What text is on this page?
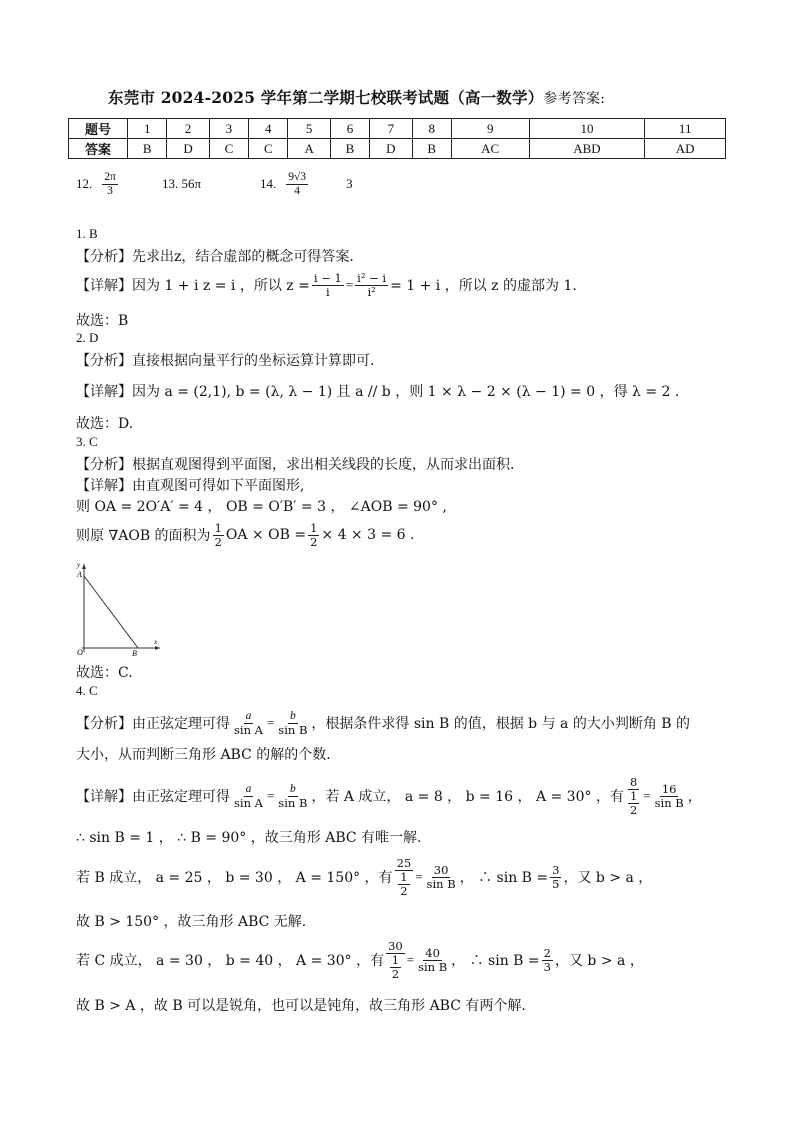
东莞市 2024-2025 学年第二学期七校联考试题（高一数学）参考答案:
题号	1	2	3	4	5	6	7	8	9	10	11
答案	B	D	C	C	A	B	D	B	AC	ABD	AD
12. $\frac{2\pi}{3}$	13. 56π	14. $\frac{9√3}{4}$	3
1. B
【分析】先求出z，结合虚部的概念可得答案.
【详解】 因为 1 + i z = i ，所以 $z = \frac{i - 1}{i} = \frac{\text{i² − i}}{\text{i²}} = 1 + i$ ，所以 z 的虚部为 1.
故选：B
2. D
【分析】直接根据向量平行的坐标运算计算即可.
【详解】因为 a = (2,1), b = (λ, λ − 1) 且 a // b ，则 1 × λ − 2 × (λ − 1) = 0 ，得 λ = 2 .
故选：D.
3. C
【分析】根据直观图得到平面图，求出相关线段的长度，从而求出面积.
【详解】由直观图可得如下平面图形,
则 OA = 2O′A′ = 4 ， OB = O′B′ = 3 ， ∠AOB = 90° ,
则原 ∇AOB 的面积为 $\frac{1}{2}$ OA × OB = $\frac{1}{2} \times 4 \times 3 = 6$ .
y
A
O	B
x
故选：C.
4. C
【分析】 由正弦定理可得 $\frac{a}{\text{sin A}} = \frac{b}{\text{sin B}}$ ，根据条件求得 sin B 的值，根据 b 与 a 的大小判断角 B 的
大小，从而判断三角形 ABC 的解的个数.
【详解】 由正弦定理可得 $\frac{a}{\text{sin A}} = \frac{b}{\text{sin B}}$ ，若 A 成立， a = 8 ， b = 16 ， A = 30° ，有 8
1
$2 = \frac{16}{\text{sin B}}$ ，
∴ sin B = 1 ， ∴ B = 90° ，故三角形 ABC 有唯一解.
若 B 成立， a = 25 ， b = 30 ， A = 150° ，有 25
1
$2 = \frac{30}{\text{sin B}}$ ， ∴ $\sin B = \frac{3}{5}$ ，又 b > a ，
故 B > 150° ，故三角形 ABC 无解.
若 C 成立， a = 30 ， b = 40 ， A = 30° ，有 30
1
$2 = \frac{40}{\text{sin B}}$ ， ∴ $\sin B = \frac{2}{3}$ ，又 b > a ，
故 B > A ，故 B 可以是锐角，也可以是钝角，故三角形 ABC 有两个解.
